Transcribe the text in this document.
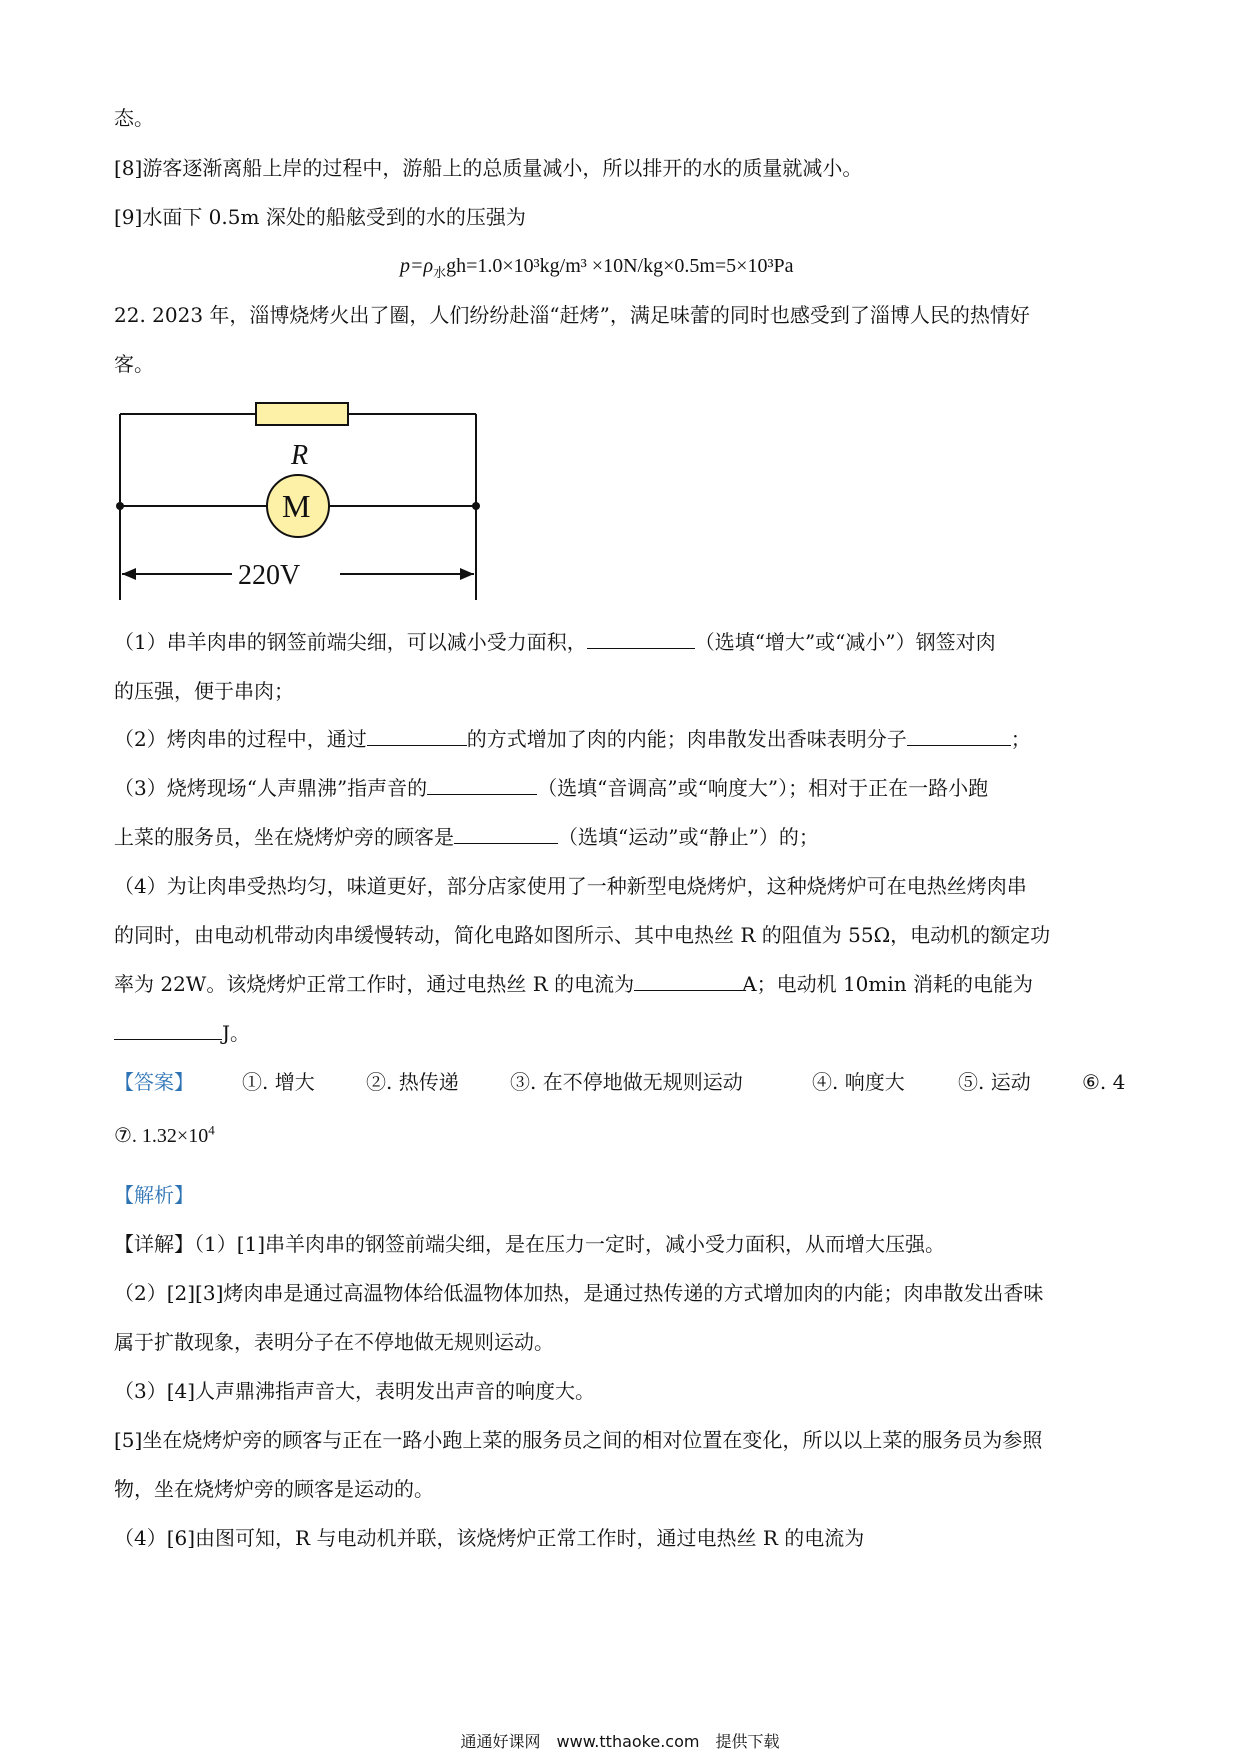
态。
[8]游客逐渐离船上岸的过程中，游船上的总质量减小，所以排开的水的质量就减小。
[9]水面下 0.5m 深处的船舷受到的水的压强为
$p=\rho_水gh=1.0\times 10^3kg/m^3 \times 10N/kg\times 0.5m=5\times 10^3Pa$
22. 2023 年，淄博烧烤火出了圈，人们纷纷赴淄“赶烤”，满足味蕾的同时也感受到了淄博人民的热情好
客。
R
M
220V
（1）串羊肉串的钢签前端尖细，可以减小受力面积，	（选填“增大”或“减小”）钢签对肉
的压强，便于串肉；
（2）烤肉串的过程中，通过	的方式增加了肉的内能；肉串散发出香味表明分子	；
（3）烧烤现场“人声鼎沸”指声音的	（选填“音调高”或“响度大”）；相对于正在一路小跑
上菜的服务员，坐在烧烤炉旁的顾客是	（选填“运动”或“静止”）的；
（4）为让肉串受热均匀，味道更好，部分店家使用了一种新型电烧烤炉，这种烧烤炉可在电热丝烤肉串
的同时，由电动机带动肉串缓慢转动，简化电路如图所示、其中电热丝 R 的阻值为 55Ω，电动机的额定功
率为 22W。该烧烤炉正常工作时，通过电热丝 R 的电流为	A；电动机 10min 消耗的电能为
J。
【答案】 ①. 增大	②. 热传递	③. 在不停地做无规则运动	④. 响度大	⑤. 运动	⑥. 4
⑦. $1.32\times 10^4$
【解析】
【详解】（1）[1]串羊肉串的钢签前端尖细，是在压力一定时，减小受力面积，从而增大压强。
（2）[2][3]烤肉串是通过高温物体给低温物体加热，是通过热传递的方式增加肉的内能；肉串散发出香味
属于扩散现象，表明分子在不停地做无规则运动。
（3）[4]人声鼎沸指声音大，表明发出声音的响度大。
[5]坐在烧烤炉旁的顾客与正在一路小跑上菜的服务员之间的相对位置在变化，所以以上菜的服务员为参照
物，坐在烧烤炉旁的顾客是运动的。
（4）[6]由图可知，R 与电动机并联，该烧烤炉正常工作时，通过电热丝 R 的电流为
通通好课网　www.tthaoke.com　提供下载
